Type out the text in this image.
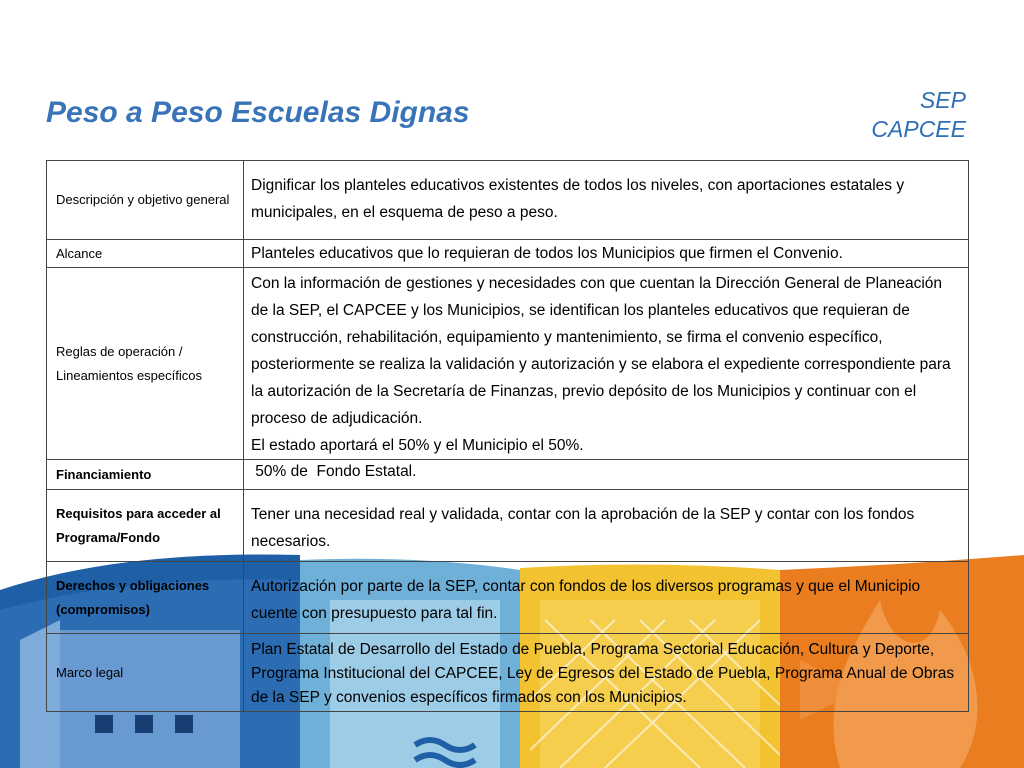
Peso a Peso Escuelas Dignas	SEP
CAPCEE
Descripción y objetivo general	Dignificar los planteles educativos existentes de todos los niveles, con aportaciones estatales y municipales, en el esquema de peso a peso.

Alcance	Planteles educativos que lo requieran de todos los Municipios que firmen el Convenio.

Reglas de operación / Lineamientos específicos	Con la información de gestiones y necesidades con que cuentan la Dirección General de Planeación de la SEP, el CAPCEE y los Municipios, se identifican los planteles educativos que requieran de construcción, rehabilitación, equipamiento y mantenimiento, se firma el convenio específico, posteriormente se realiza la validación y autorización y se elabora el expediente correspondiente para la autorización de la Secretaría de Finanzas, previo depósito de los Municipios y continuar con el proceso de adjudicación.
El estado aportará el 50% y el Municipio el 50%.

Financiamiento	50% de  Fondo Estatal.

Requisitos para acceder al Programa/Fondo	Tener una necesidad real y validada, contar con la aprobación de la SEP y contar con los fondos necesarios.

Derechos y obligaciones (compromisos)	Autorización por parte de la SEP, contar con fondos de los diversos programas y que el Municipio cuente con presupuesto para tal fin.

Marco legal	Plan Estatal de Desarrollo del Estado de Puebla, Programa Sectorial Educación, Cultura y Deporte, Programa Institucional del CAPCEE, Ley de Egresos del Estado de Puebla, Programa Anual de Obras de la SEP y convenios específicos firmados con los Municipios.
